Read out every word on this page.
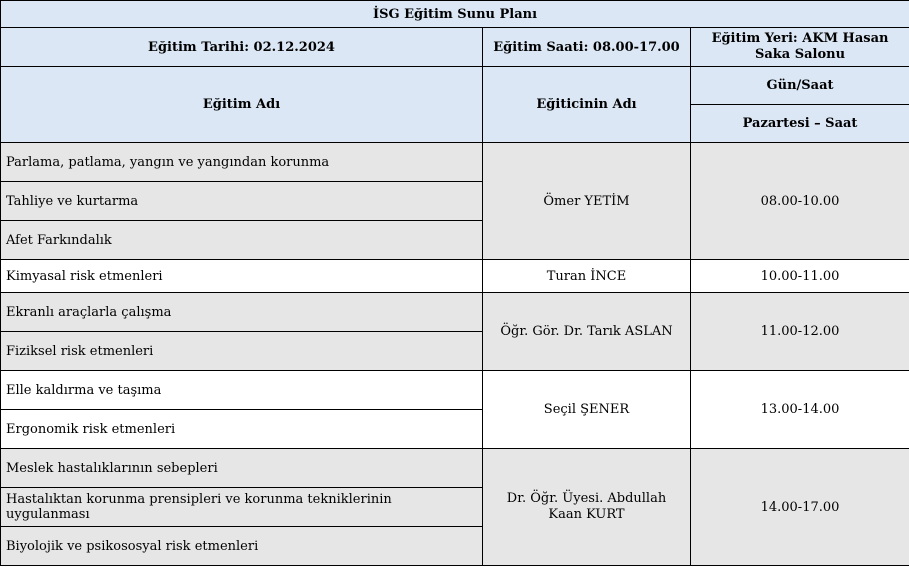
İSG Eğitim Sunu Planı		
Eğitim Tarihi: 02.12.2024	Eğitim Saati: 08.00-17.00	Eğitim Yeri: AKM Hasan Saka Salonu
Eğitim Adı	Eğiticinin Adı	Gün/Saat
		Pazartesi – Saat
Parlama, patlama, yangın ve yangından korunma	Ömer YETİM	08.00-10.00
Tahliye ve kurtarma		
Afet Farkındalık		
Kimyasal risk etmenleri	Turan İNCE	10.00-11.00
Ekranlı araçlarla çalışma	Öğr. Gör. Dr. Tarık ASLAN	11.00-12.00
Fiziksel risk etmenleri		
Elle kaldırma ve taşıma	Seçil ŞENER	13.00-14.00
Ergonomik risk etmenleri		
Meslek hastalıklarının sebepleri	Dr. Öğr. Üyesi. Abdullah Kaan KURT	14.00-17.00
Hastalıktan korunma prensipleri ve korunma tekniklerinin uygulanması		
Biyolojik ve psikososyal risk etmenleri		
